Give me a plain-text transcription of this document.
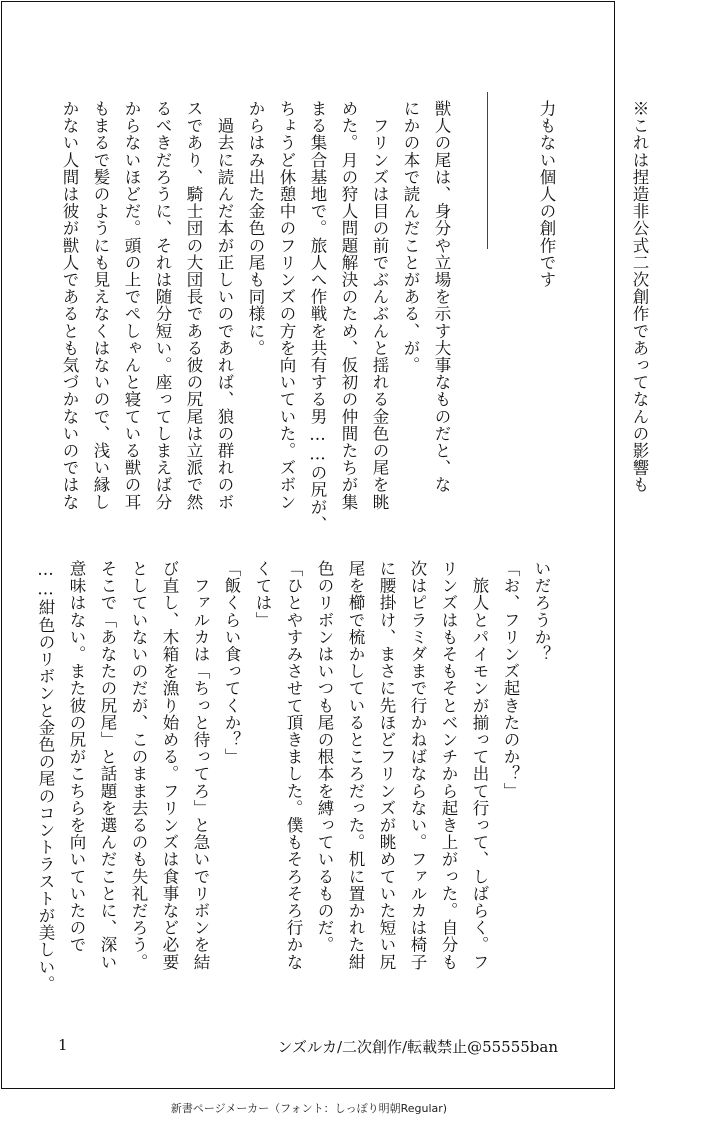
※これは捏造非公式二次創作であってなんの影響も

力もない個人の創作です

獣人の尾は、身分や立場を示す大事なものだと、な
にかの本で読んだことがある、が。
　フリンズは目の前でぶんぶんと揺れる金色の尾を眺
めた。月の狩人問題解決のため、仮初の仲間たちが集
まる集合基地で。旅人へ作戦を共有する男……の尻が、
ちょうど休憩中のフリンズの方を向いていた。ズボン
からはみ出た金色の尾も同様に。
　過去に読んだ本が正しいのであれば、狼の群れのボ
スであり、騎士団の大団長である彼の尻尾は立派で然
るべきだろうに、それは随分短い。座ってしまえば分
からないほどだ。頭の上でぺしゃんと寝ている獣の耳
もまるで髪のようにも見えなくはないので、浅い縁し
かない人間は彼が獣人であるとも気づかないのではな

いだろうか？
「お、フリンズ起きたのか？」
　旅人とパイモンが揃って出て行って、しばらく。フ
リンズはもそもそとベンチから起き上がった。自分も
次はピラミダまで行かねばならない。ファルカは椅子
に腰掛け、まさに先ほどフリンズが眺めていた短い尻
尾を櫛で梳かしているところだった。机に置かれた紺
色のリボンはいつも尾の根本を縛っているものだ。
「ひとやすみさせて頂きました。僕もそろそろ行かな
くては」
「飯くらい食ってくか？」
　ファルカは「ちっと待ってろ」と急いでリボンを結
び直し、木箱を漁り始める。フリンズは食事など必要
としていないのだが、このまま去るのも失礼だろう。
そこで「あなたの尻尾」と話題を選んだことに、深い
意味はない。また彼の尻がこちらを向いていたので
……紺色のリボンと金色の尾のコントラストが美しい。
1	ンズルカ/二次創作/転載禁止@55555ban
新書ページメーカー（フォント：しっぽり明朝Regular)
